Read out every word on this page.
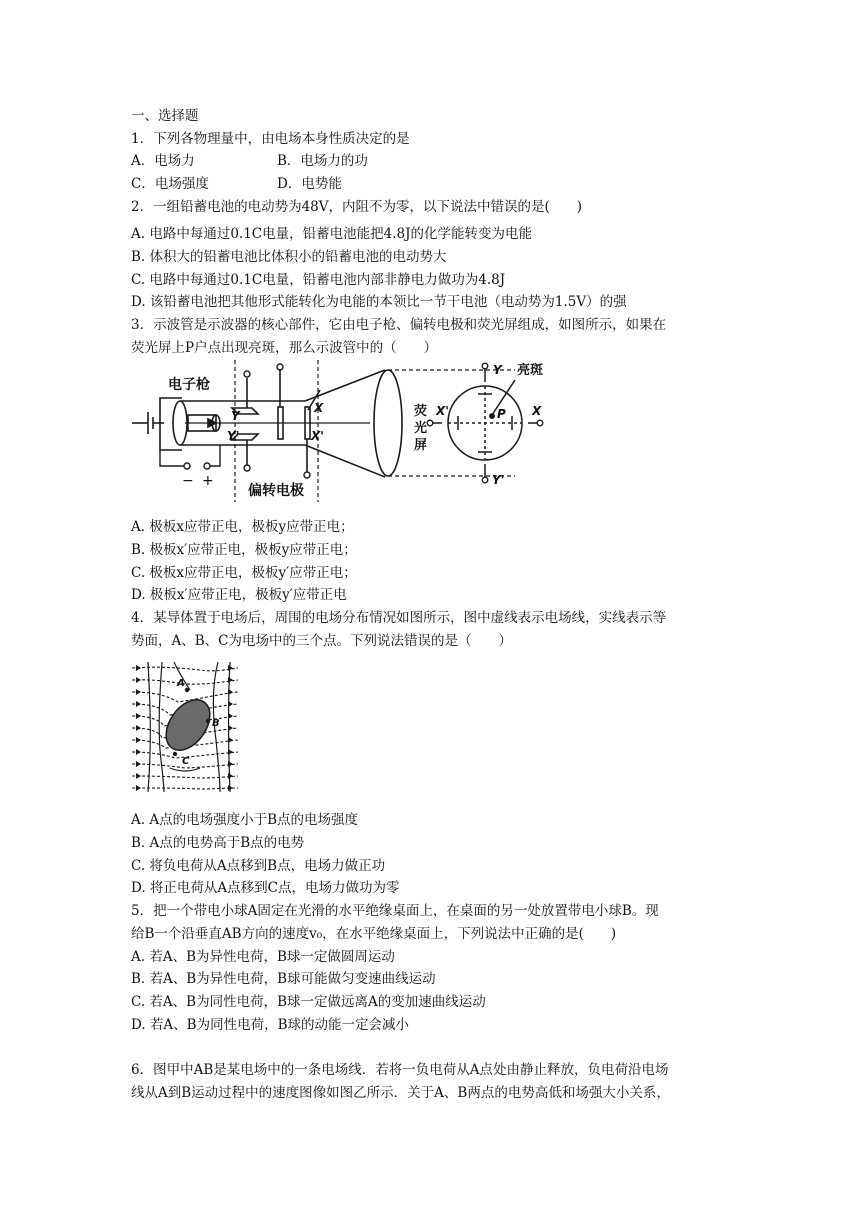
一、选择题
1．下列各物理量中，由电场本身性质决定的是
A．电场力	B．电场力的功
C．电场强度	D．电势能
2．一组铅蓄电池的电动势为48V，内阻不为零，以下说法中错误的是(　　)
A. 电路中每通过0.1C电量，铅蓄电池能把4.8J的化学能转变为电能
B. 体积大的铅蓄电池比体积小的铅蓄电池的电动势大
C. 电路中每通过0.1C电量，铅蓄电池内部非静电力做功为4.8J
D. 该铅蓄电池把其他形式能转化为电能的本领比一节干电池（电动势为1.5V）的强
3．示波管是示波器的核心部件，它由电子枪、偏转电极和荧光屏组成，如图所示，如果在
荧光屏上P户点出现亮斑，那么示波管中的（　　）
电子枪
偏转电极
荧
光
屏
亮斑
Y
Y'
X
X'
Y
Y'
X'	X
P
− +
A. 极板x应带正电，极板y应带正电；
B. 极板x′应带正电，极板y应带正电；
C. 极板x应带正电，极板y′应带正电；
D. 极板x′应带正电，极板y′应带正电
4．某导体置于电场后，周围的电场分布情况如图所示，图中虚线表示电场线，实线表示等
势面，A、B、C为电场中的三个点。下列说法错误的是（　　）
A
B
C
A. A点的电场强度小于B点的电场强度
B. A点的电势高于B点的电势
C. 将负电荷从A点移到B点，电场力做正功
D. 将正电荷从A点移到C点，电场力做功为零
5．把一个带电小球A固定在光滑的水平绝缘桌面上，在桌面的另一处放置带电小球B。现
给B一个沿垂直AB方向的速度v₀，在水平绝缘桌面上，下列说法中正确的是(　　)
A. 若A、B为异性电荷，B球一定做圆周运动
B. 若A、B为异性电荷，B球可能做匀变速曲线运动
C. 若A、B为同性电荷，B球一定做远离A的变加速曲线运动
D. 若A、B为同性电荷，B球的动能一定会减小
6．图甲中AB是某电场中的一条电场线．若将一负电荷从A点处由静止释放，负电荷沿电场
线从A到B运动过程中的速度图像如图乙所示．关于A、B两点的电势高低和场强大小关系，
